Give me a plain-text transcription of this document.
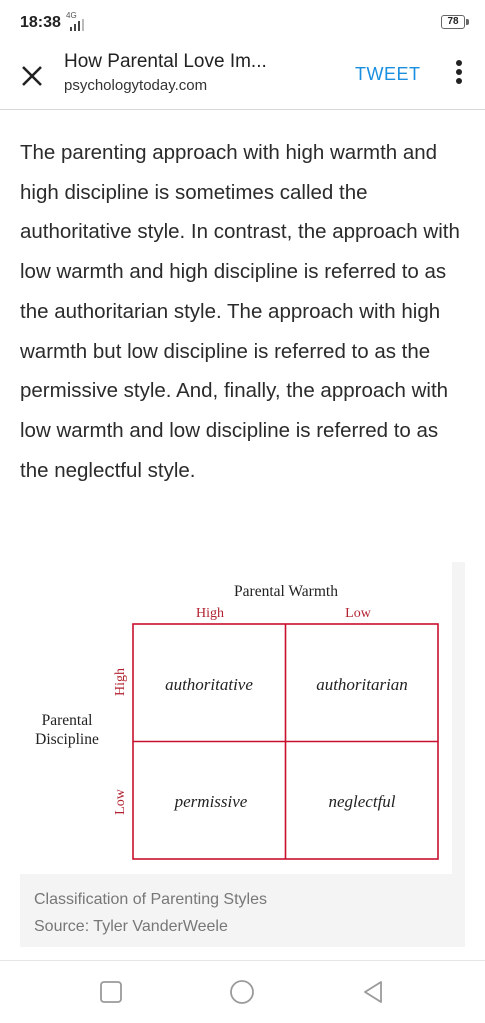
18:38 4G
78
How Parental Love Im...
psychologytoday.com
TWEET

The parenting approach with high warmth and high discipline is sometimes called the authoritative style. In contrast, the approach with low warmth and high discipline is referred to as the authoritarian style. The approach with high warmth but low discipline is referred to as the permissive style. And, finally, the approach with low warmth and low discipline is referred to as the neglectful style.

Parental Warmth
High	Low
Parental
Discipline
High
Low
authoritative	authoritarian
permissive	neglectful
Classification of Parenting Styles
Source: Tyler VanderWeele
